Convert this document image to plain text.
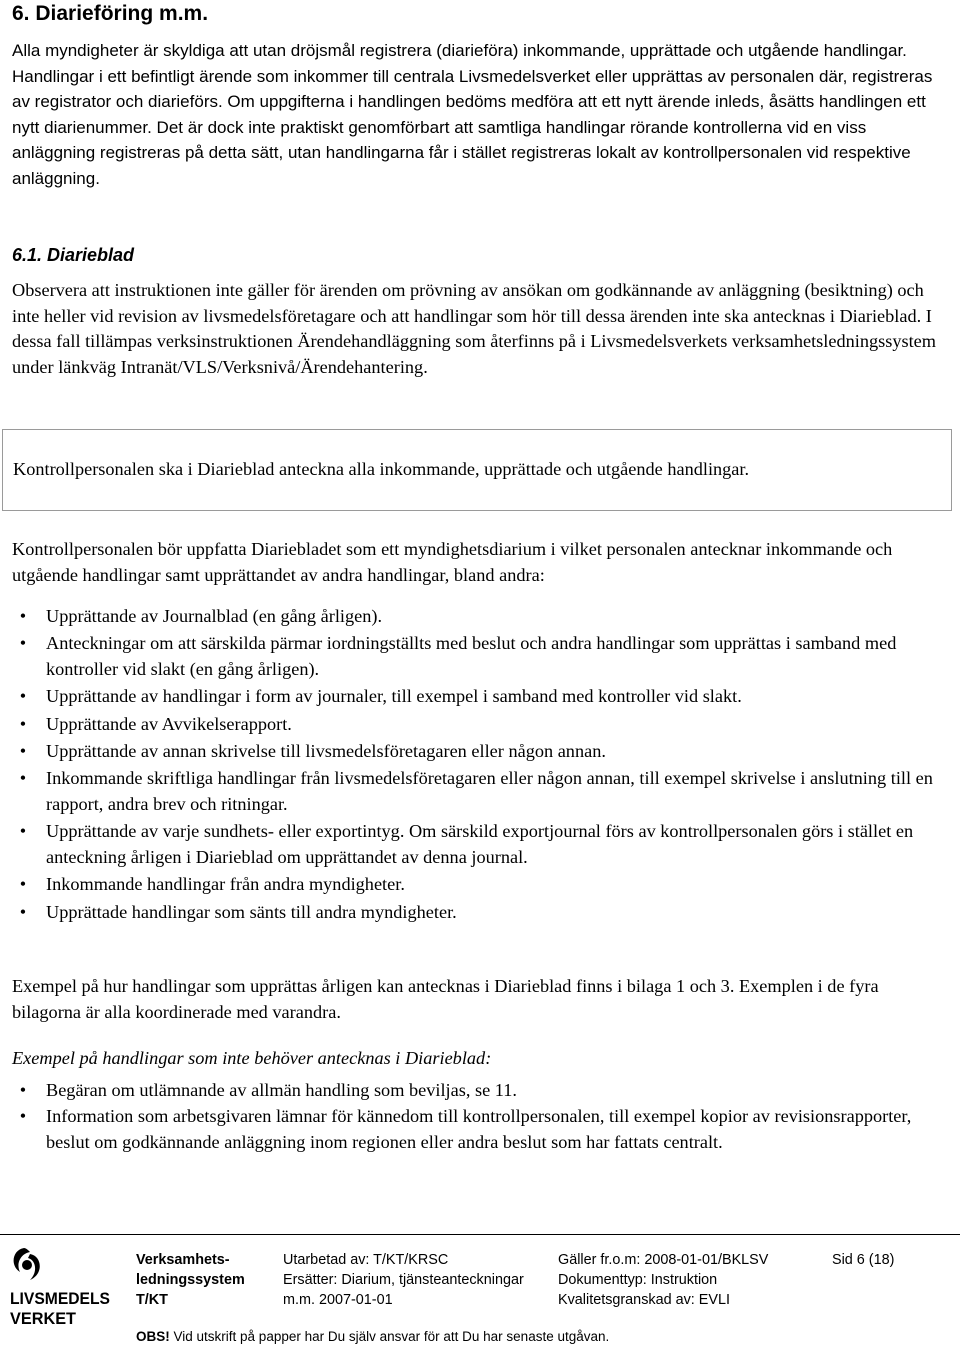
6. Diarieföring m.m.

Alla myndigheter är skyldiga att utan dröjsmål registrera (diarieföra) inkommande, upprättade och utgående handlingar. Handlingar i ett befintligt ärende som inkommer till centrala Livsmedelsverket eller upprättas av personalen där, registreras av registrator och diarieförs. Om uppgifterna i handlingen bedöms medföra att ett nytt ärende inleds, åsätts handlingen ett nytt diarienummer. Det är dock inte praktiskt genomförbart att samtliga handlingar rörande kontrollerna vid en viss anläggning registreras på detta sätt, utan handlingarna får i stället registreras lokalt av kontrollpersonalen vid respektive anläggning.

6.1. Diarieblad

Observera att instruktionen inte gäller för ärenden om prövning av ansökan om godkännande av anläggning (besiktning) och inte heller vid revision av livsmedelsföretagare och att handlingar som hör till dessa ärenden inte ska antecknas i Diarieblad. I dessa fall tillämpas verksinstruktionen Ärendehandläggning som återfinns på i Livsmedelsverkets verksamhetsledningssystem under länkväg Intranät/VLS/Verksnivå/Ärendehantering.

Kontrollpersonalen ska i Diarieblad anteckna alla inkommande, upprättade och utgående handlingar.

Kontrollpersonalen bör uppfatta Diariebladet som ett myndighetsdiarium i vilket personalen antecknar inkommande och utgående handlingar samt upprättandet av andra handlingar, bland andra:

•	Upprättande av Journalblad (en gång årligen).
•	Anteckningar om att särskilda pärmar iordningställts med beslut och andra handlingar som upprättas i samband med kontroller vid slakt (en gång årligen).
•	Upprättande av handlingar i form av journaler, till exempel i samband med kontroller vid slakt.
•	Upprättande av Avvikelserapport.
•	Upprättande av annan skrivelse till livsmedelsföretagaren eller någon annan.
•	Inkommande skriftliga handlingar från livsmedelsföretagaren eller någon annan, till exempel skrivelse i anslutning till en rapport, andra brev och ritningar.
•	Upprättande av varje sundhets- eller exportintyg. Om särskild exportjournal förs av kontrollpersonalen görs i stället en anteckning årligen i Diarieblad om upprättandet av denna journal.
•	Inkommande handlingar från andra myndigheter.
•	Upprättade handlingar som sänts till andra myndigheter.

Exempel på hur handlingar som upprättas årligen kan antecknas i Diarieblad finns i bilaga 1 och 3. Exemplen i de fyra bilagorna är alla koordinerade med varandra.

Exempel på handlingar som inte behöver antecknas i Diarieblad:
•	Begäran om utlämnande av allmän handling som beviljas, se 11.
•	Information som arbetsgivaren lämnar för kännedom till kontrollpersonalen, till exempel kopior av revisionsrapporter, beslut om godkännande anläggning inom regionen eller andra beslut som har fattats centralt.
LIVSMEDELS
VERKET
Verksamhets-
ledningssystem
T/KT
Utarbetad av: T/KT/KRSC
Ersätter: Diarium, tjänsteanteckningar
m.m. 2007-01-01
Gäller fr.o.m: 2008-01-01/BKLSV
Dokumenttyp: Instruktion
Kvalitetsgranskad av: EVLI
Sid 6 (18)
OBS! Vid utskrift på papper har Du själv ansvar för att Du har senaste utgåvan.
